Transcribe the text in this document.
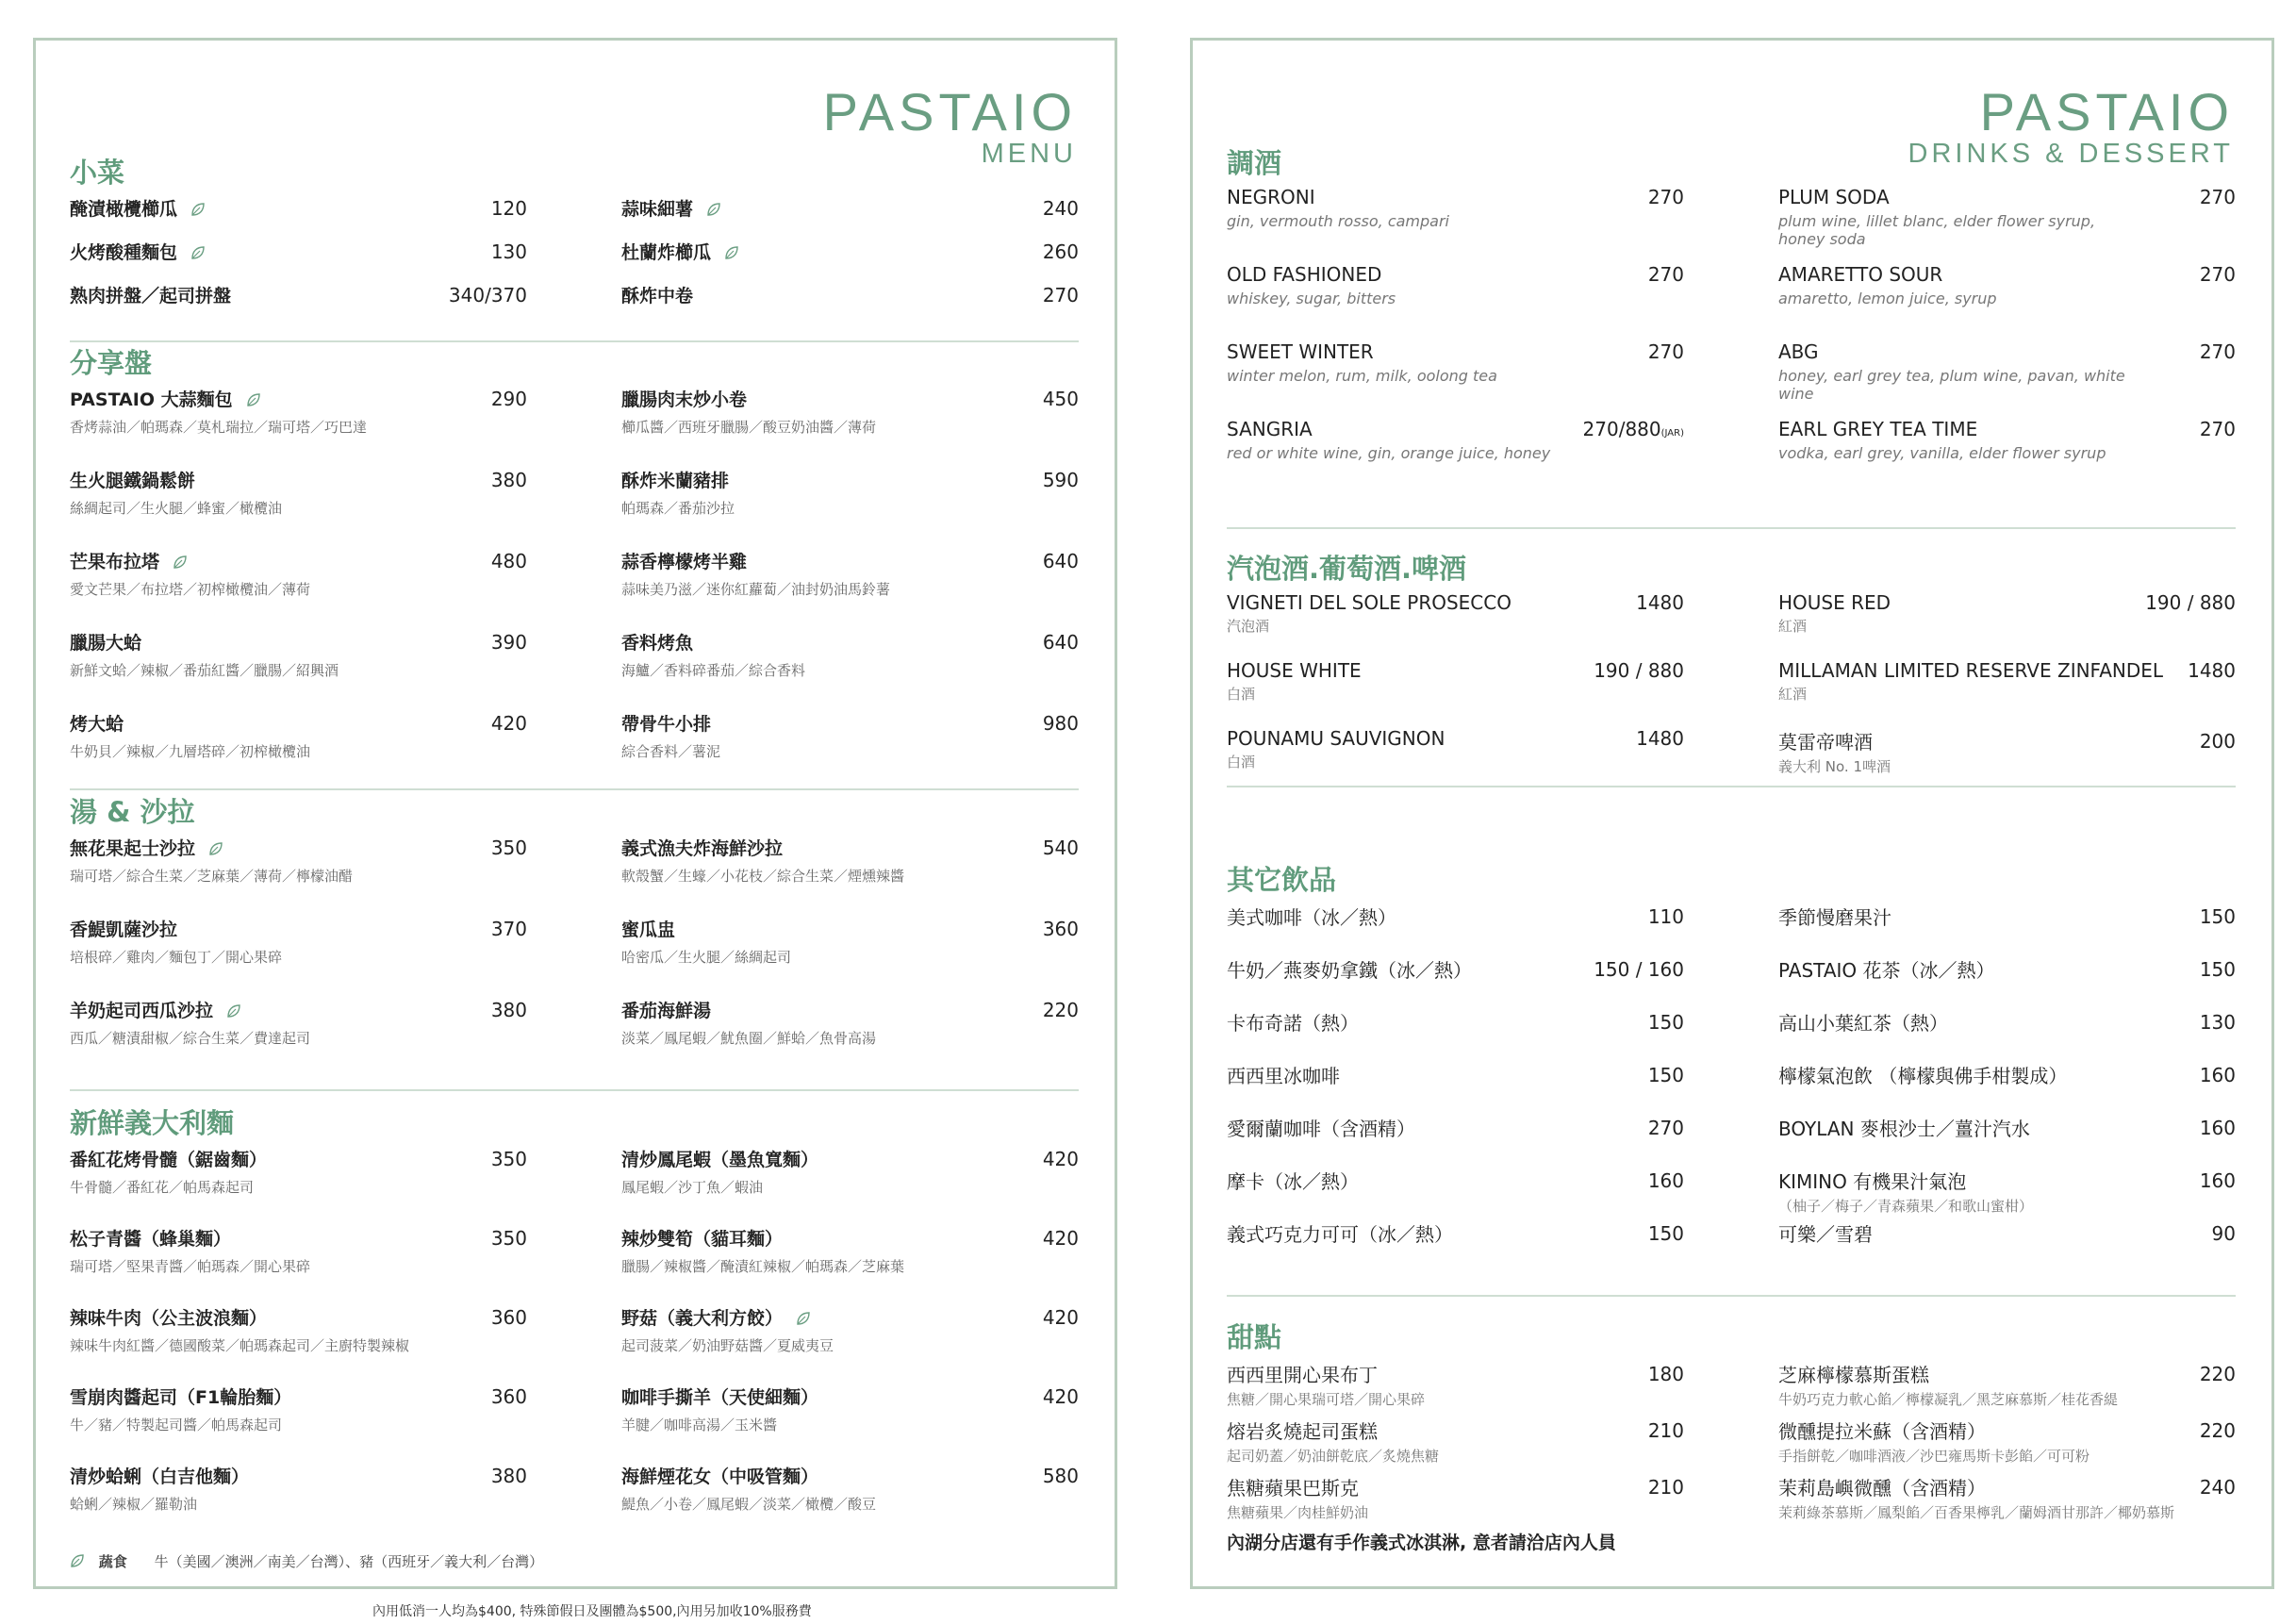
PASTAIO
MENU
小菜
醃漬橄欖櫛瓜	120
火烤酸種麵包	130
熟肉拼盤／起司拼盤	340/370
蒜味細薯	240
杜蘭炸櫛瓜	260
酥炸中卷	270
分享盤
PASTAIO 大蒜麵包	290
香烤蒜油／帕瑪森／莫札瑞拉／瑞可塔／巧巴達
生火腿鐵鍋鬆餅	380
絲綢起司／生火腿／蜂蜜／橄欖油
芒果布拉塔	480
愛文芒果／布拉塔／初榨橄欖油／薄荷
臘腸大蛤	390
新鮮文蛤／辣椒／番茄紅醬／臘腸／紹興酒
烤大蛤	420
牛奶貝／辣椒／九層塔碎／初榨橄欖油
臘腸肉末炒小卷	450
櫛瓜醬／西班牙臘腸／酸豆奶油醬／薄荷
酥炸米蘭豬排	590
帕瑪森／番茄沙拉
蒜香檸檬烤半雞	640
蒜味美乃滋／迷你紅蘿蔔／油封奶油馬鈴薯
香料烤魚	640
海鱸／香料碎番茄／綜合香料
帶骨牛小排	980
綜合香料／薯泥
湯 & 沙拉
無花果起士沙拉	350
瑞可塔／綜合生菜／芝麻葉／薄荷／檸檬油醋
香鯷凱薩沙拉	370
培根碎／雞肉／麵包丁／開心果碎
羊奶起司西瓜沙拉	380
西瓜／糖漬甜椒／綜合生菜／費達起司
義式漁夫炸海鮮沙拉	540
軟殼蟹／生蠔／小花枝／綜合生菜／煙燻辣醬
蜜瓜盅	360
哈密瓜／生火腿／絲綢起司
番茄海鮮湯	220
淡菜／鳳尾蝦／魷魚圈／鮮蛤／魚骨高湯
新鮮義大利麵
番紅花烤骨髓（鋸齒麵）	350
牛骨髓／番紅花／帕馬森起司
松子青醬（蜂巢麵）	350
瑞可塔／堅果青醬／帕瑪森／開心果碎
辣味牛肉（公主波浪麵）	360
辣味牛肉紅醬／德國酸菜／帕瑪森起司／主廚特製辣椒
雪崩肉醬起司（F1輪胎麵）	360
牛／豬／特製起司醬／帕馬森起司
清炒蛤蜊（白吉他麵）	380
蛤蜊／辣椒／羅勒油
清炒鳳尾蝦（墨魚寬麵）	420
鳳尾蝦／沙丁魚／蝦油
辣炒雙筍（貓耳麵）	420
臘腸／辣椒醬／醃漬紅辣椒／帕瑪森／芝麻葉
野菇（義大利方餃）	420
起司菠菜／奶油野菇醬／夏威夷豆
咖啡手撕羊（天使細麵）	420
羊腱／咖啡高湯／玉米醬
海鮮煙花女（中吸管麵）	580
鯷魚／小卷／鳳尾蝦／淡菜／橄欖／酸豆
蔬食 牛（美國／澳洲／南美／台灣）、豬（西班牙／義大利／台灣）
內用低消一人均為$400, 特殊節假日及團體為$500,內用另加收10%服務費
PASTAIO
DRINKS & DESSERT
調酒
NEGRONI	270
gin, vermouth rosso, campari
OLD FASHIONED	270
whiskey, sugar, bitters
SWEET WINTER	270
winter melon, rum, milk, oolong tea
SANGRIA	270/880(JAR)
red or white wine, gin, orange juice, honey
PLUM SODA	270
plum wine, lillet blanc, elder flower syrup, honey soda
AMARETTO SOUR	270
amaretto, lemon juice, syrup
ABG	270
honey, earl grey tea, plum wine, pavan, white wine
EARL GREY TEA TIME	270
vodka, earl grey, vanilla, elder flower syrup
汽泡酒.葡萄酒.啤酒
VIGNETI DEL SOLE PROSECCO	1480
汽泡酒
HOUSE WHITE	190 / 880
白酒
POUNAMU SAUVIGNON	1480
白酒
HOUSE RED	190 / 880
紅酒
MILLAMAN LIMITED RESERVE ZINFANDEL 1480
紅酒
莫雷帝啤酒	200
義大利 No. 1啤酒
其它飲品
美式咖啡（冰／熱）	110
牛奶／燕麥奶拿鐵（冰／熱）	150 / 160
卡布奇諾（熱）	150
西西里冰咖啡	150
愛爾蘭咖啡（含酒精）	270
摩卡（冰／熱）	160
義式巧克力可可（冰／熱）	150
季節慢磨果汁	150
PASTAIO 花茶（冰／熱）	150
高山小葉紅茶（熱）	130
檸檬氣泡飲 （檸檬與佛手柑製成）	160
BOYLAN 麥根沙士／薑汁汽水	160
KIMINO 有機果汁氣泡	160
（柚子／梅子／青森蘋果／和歌山蜜柑）
可樂／雪碧	90
甜點
西西里開心果布丁	180
焦糖／開心果瑞可塔／開心果碎
熔岩炙燒起司蛋糕	210
起司奶蓋／奶油餅乾底／炙燒焦糖
焦糖蘋果巴斯克	210
焦糖蘋果／肉桂鮮奶油
芝麻檸檬慕斯蛋糕	220
牛奶巧克力軟心餡／檸檬凝乳／黑芝麻慕斯／桂花香緹
微醺提拉米蘇（含酒精）	220
手指餅乾／咖啡酒液／沙巴雍馬斯卡彭餡／可可粉
茉莉島嶼微醺（含酒精）	240
茉莉綠茶慕斯／鳳梨餡／百香果檸乳／蘭姆酒甘那許／椰奶慕斯
內湖分店還有手作義式冰淇淋, 意者請洽店內人員
